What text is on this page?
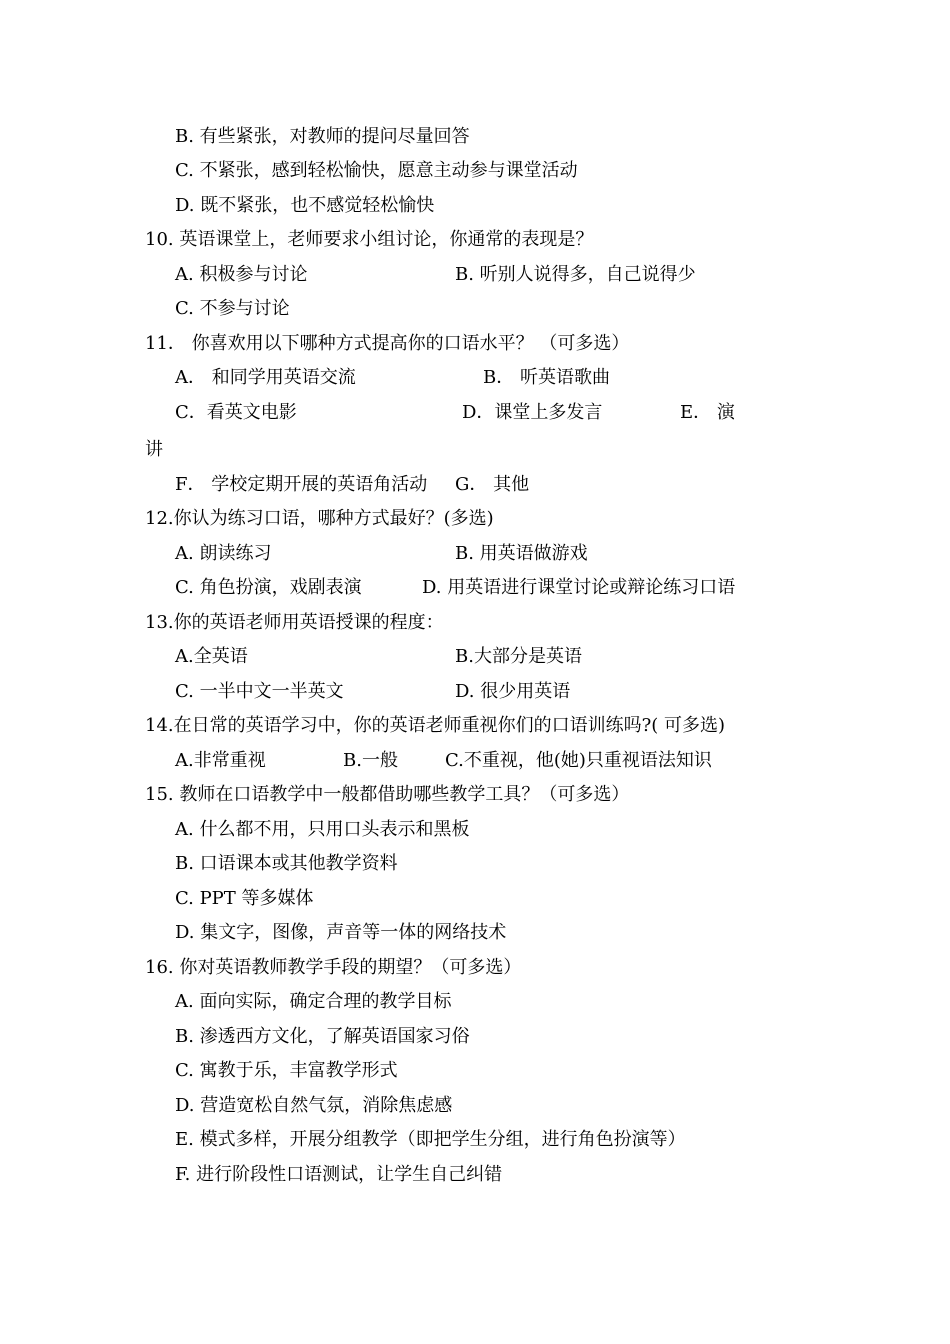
B. 有些紧张，对教师的提问尽量回答
C. 不紧张，感到轻松愉快，愿意主动参与课堂活动
D. 既不紧张，也不感觉轻松愉快
10. 英语课堂上，老师要求小组讨论，你通常的表现是？
A. 积极参与讨论	B. 听别人说得多，自己说得少
C. 不参与讨论
11． 你喜欢用以下哪种方式提高你的口语水平？ （可多选）
A． 和同学用英语交流	B． 听英语歌曲
C．看英文电影	D．课堂上多发言	E． 演
讲
F． 学校定期开展的英语角活动 G． 其他
12.你认为练习口语，哪种方式最好？(多选)
A. 朗读练习	B. 用英语做游戏
C. 角色扮演，戏剧表演	D. 用英语进行课堂讨论或辩论练习口语
13.你的英语老师用英语授课的程度：
A.全英语	B.大部分是英语
C. 一半中文一半英文	D. 很少用英语
14.在日常的英语学习中，你的英语老师重视你们的口语训练吗?( 可多选)
A.非常重视	B.一般	C.不重视，他(她)只重视语法知识
15. 教师在口语教学中一般都借助哪些教学工具？（可多选）
A. 什么都不用，只用口头表示和黑板
B. 口语课本或其他教学资料
C. PPT 等多媒体
D. 集文字，图像，声音等一体的网络技术
16. 你对英语教师教学手段的期望？（可多选）
A. 面向实际，确定合理的教学目标
B. 渗透西方文化，了解英语国家习俗
C. 寓教于乐，丰富教学形式
D. 营造宽松自然气氛，消除焦虑感
E. 模式多样，开展分组教学（即把学生分组，进行角色扮演等）
F. 进行阶段性口语测试，让学生自己纠错
